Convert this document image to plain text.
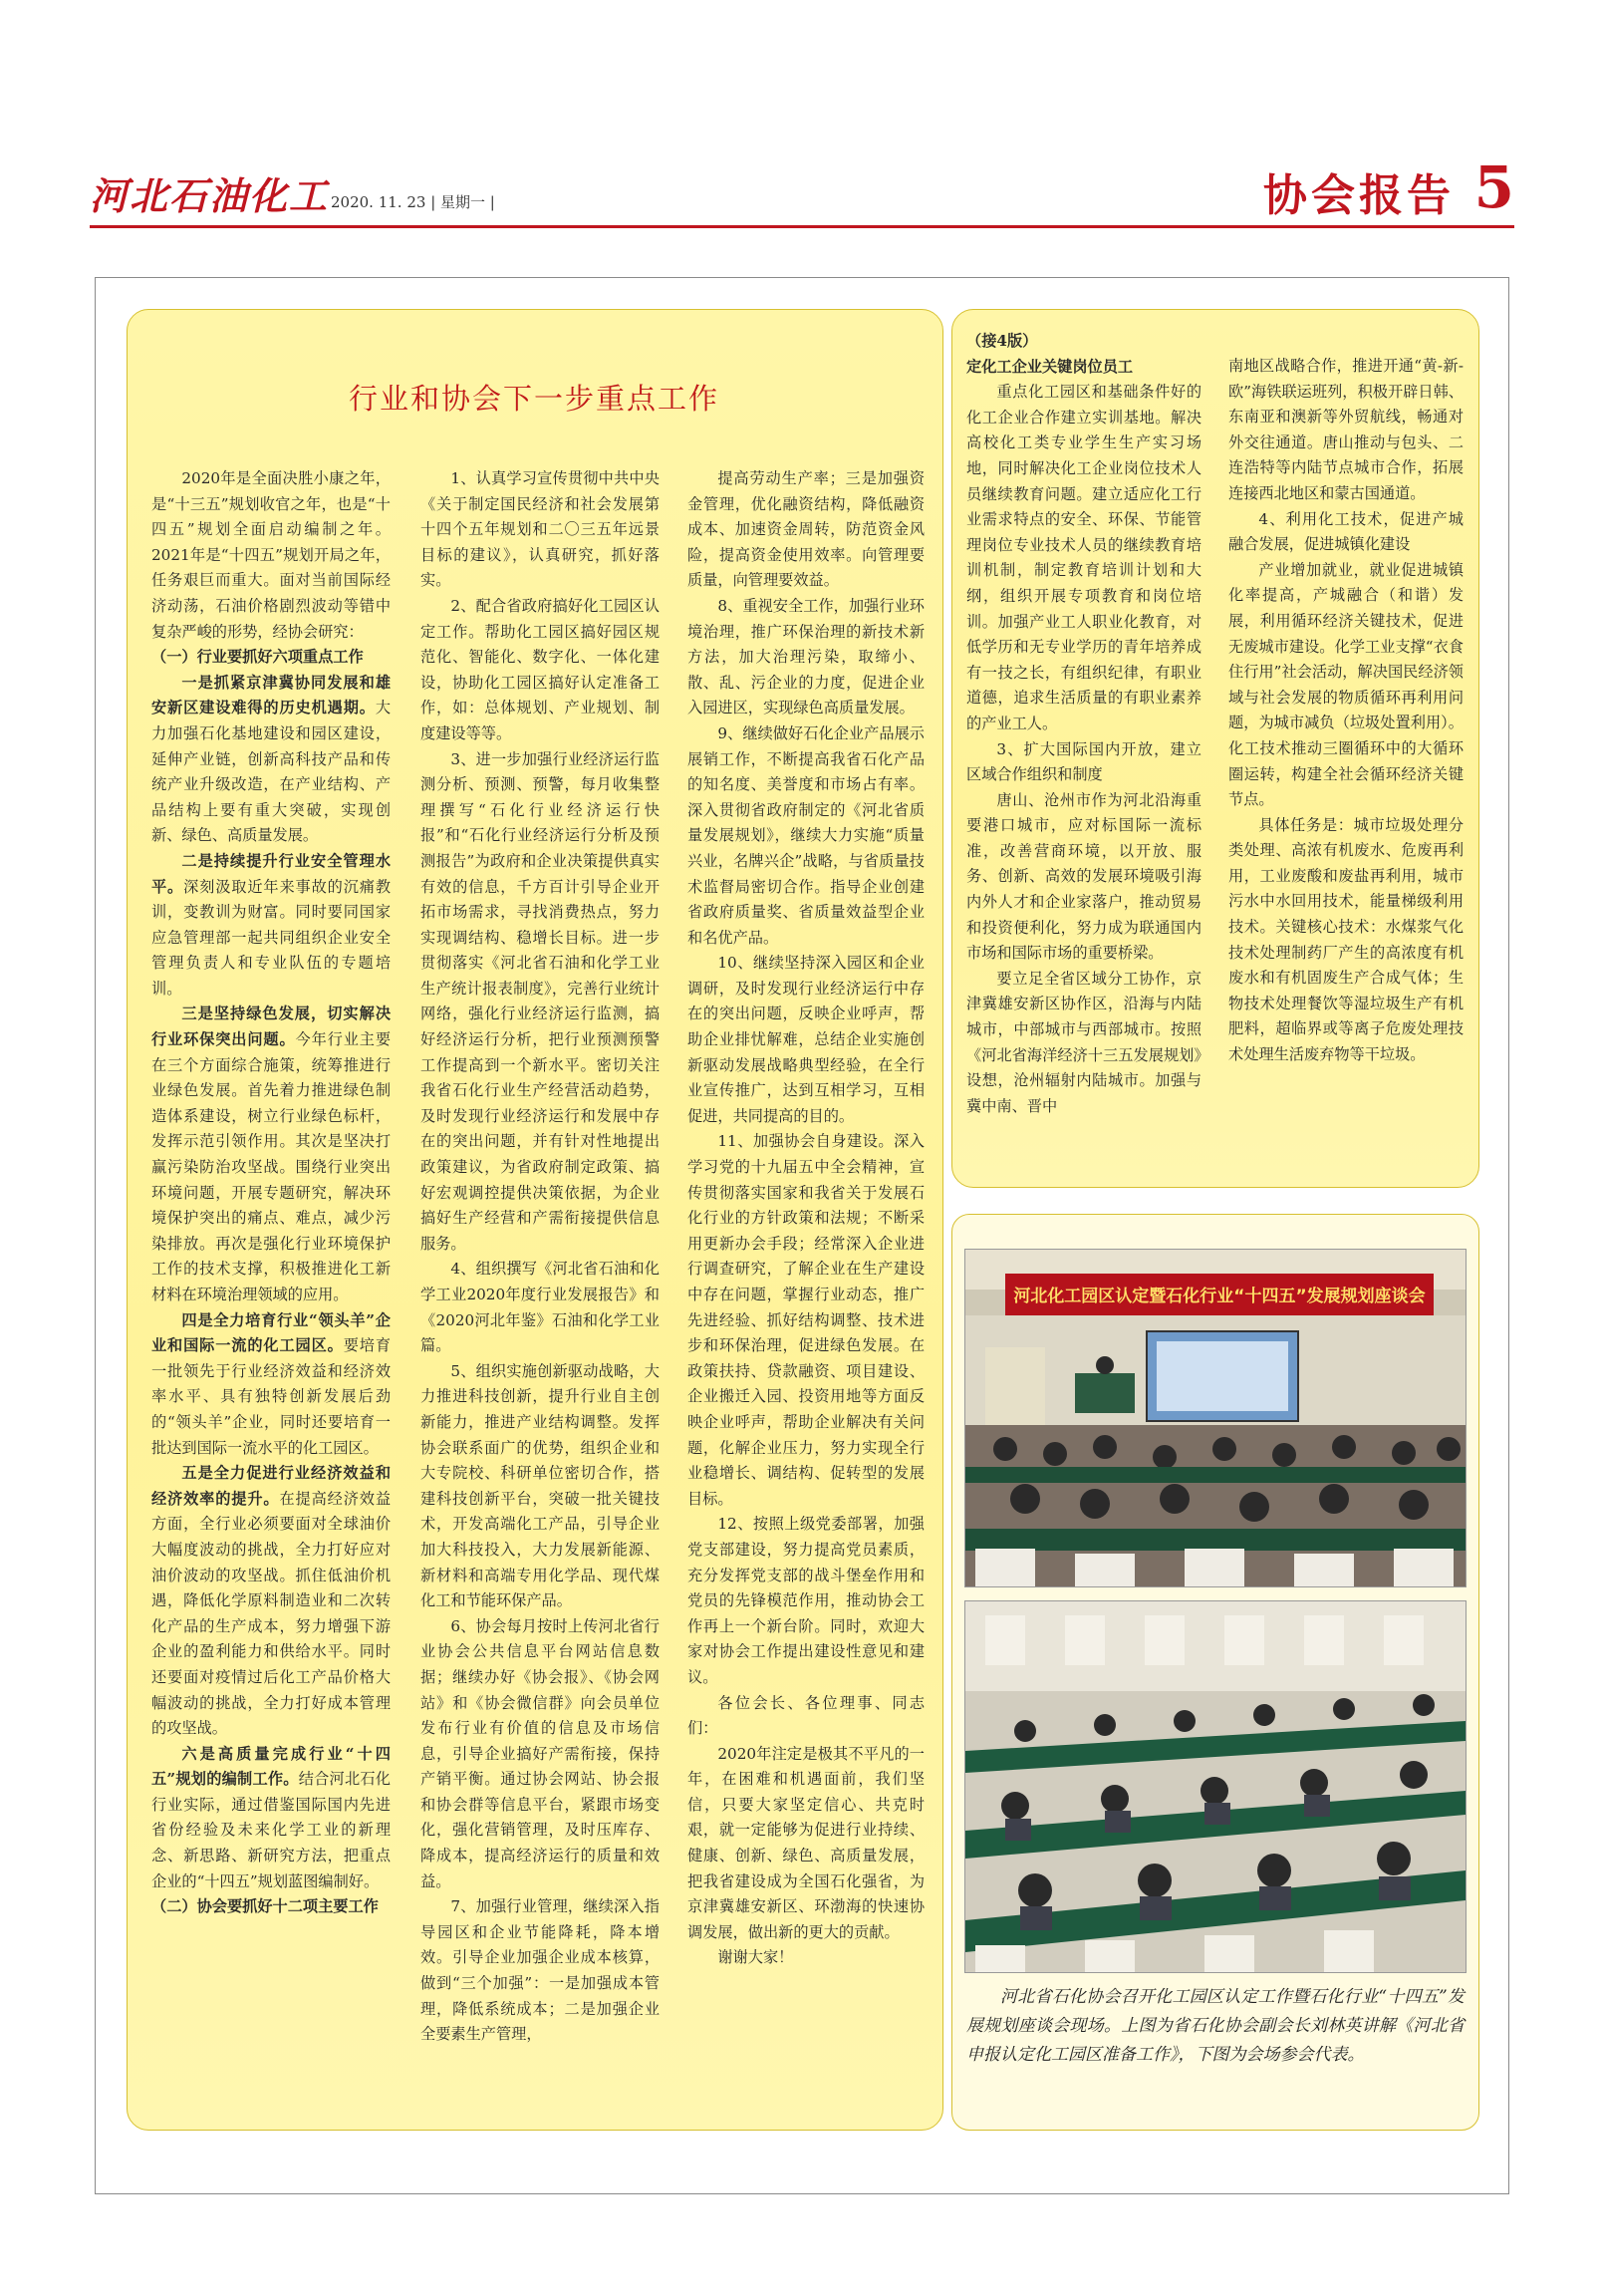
河北石油化工 2020. 11. 23 | 星期一 |	协会报告 5
行业和协会下一步重点工作

2020年是全面决胜小康之年，是“十三五”规划收官之年，也是“十四五”规划全面启动编制之年。2021年是“十四五”规划开局之年，任务艰巨而重大。面对当前国际经济动荡，石油价格剧烈波动等错中复杂严峻的形势，经协会研究：

（一）行业要抓好六项重点工作

一是抓紧京津冀协同发展和雄安新区建设难得的历史机遇期。大力加强石化基地建设和园区建设，延伸产业链，创新高科技产品和传统产业升级改造，在产业结构、产品结构上要有重大突破，实现创新、绿色、高质量发展。

二是持续提升行业安全管理水平。深刻汲取近年来事故的沉痛教训，变教训为财富。同时要同国家应急管理部一起共同组织企业安全管理负责人和专业队伍的专题培训。

三是坚持绿色发展，切实解决行业环保突出问题。今年行业主要在三个方面综合施策，统筹推进行业绿色发展。首先着力推进绿色制造体系建设，树立行业绿色标杆，发挥示范引领作用。其次是坚决打赢污染防治攻坚战。围绕行业突出环境问题，开展专题研究，解决环境保护突出的痛点、难点，减少污染排放。再次是强化行业环境保护工作的技术支撑，积极推进化工新材料在环境治理领域的应用。

四是全力培育行业“领头羊”企业和国际一流的化工园区。要培育一批领先于行业经济效益和经济效率水平、具有独特创新发展后劲的“领头羊”企业，同时还要培育一批达到国际一流水平的化工园区。

五是全力促进行业经济效益和经济效率的提升。在提高经济效益方面，全行业必须要面对全球油价大幅度波动的挑战，全力打好应对油价波动的攻坚战。抓住低油价机遇，降低化学原料制造业和二次转化产品的生产成本，努力增强下游企业的盈利能力和供给水平。同时还要面对疫情过后化工产品价格大幅波动的挑战，全力打好成本管理的攻坚战。

六是高质量完成行业“十四五”规划的编制工作。结合河北石化行业实际，通过借鉴国际国内先进省份经验及未来化学工业的新理念、新思路、新研究方法，把重点企业的“十四五”规划蓝图编制好。

（二）协会要抓好十二项主要工作

1、认真学习宣传贯彻中共中央《关于制定国民经济和社会发展第十四个五年规划和二〇三五年远景目标的建议》，认真研究，抓好落实。

2、配合省政府搞好化工园区认定工作。帮助化工园区搞好园区规范化、智能化、数字化、一体化建设，协助化工园区搞好认定准备工作，如：总体规划、产业规划、制度建设等等。

3、进一步加强行业经济运行监测分析、预测、预警，每月收集整理撰写“石化行业经济运行快报”和“石化行业经济运行分析及预测报告”为政府和企业决策提供真实有效的信息，千方百计引导企业开拓市场需求，寻找消费热点，努力实现调结构、稳增长目标。进一步贯彻落实《河北省石油和化学工业生产统计报表制度》，完善行业统计网络，强化行业经济运行监测，搞好经济运行分析，把行业预测预警工作提高到一个新水平。密切关注我省石化行业生产经营活动趋势，及时发现行业经济运行和发展中存在的突出问题，并有针对性地提出政策建议，为省政府制定政策、搞好宏观调控提供决策依据，为企业搞好生产经营和产需衔接提供信息服务。

4、组织撰写《河北省石油和化学工业2020年度行业发展报告》和《2020河北年鉴》石油和化学工业篇。

5、组织实施创新驱动战略，大力推进科技创新，提升行业自主创新能力，推进产业结构调整。发挥协会联系面广的优势，组织企业和大专院校、科研单位密切合作，搭建科技创新平台，突破一批关键技术，开发高端化工产品，引导企业加大科技投入，大力发展新能源、新材料和高端专用化学品、现代煤化工和节能环保产品。

6、协会每月按时上传河北省行业协会公共信息平台网站信息数据；继续办好《协会报》、《协会网站》和《协会微信群》向会员单位发布行业有价值的信息及市场信息，引导企业搞好产需衔接，保持产销平衡。通过协会网站、协会报和协会群等信息平台，紧跟市场变化，强化营销管理，及时压库存、降成本，提高经济运行的质量和效益。

7、加强行业管理，继续深入指导园区和企业节能降耗，降本增效。引导企业加强企业成本核算，做到“三个加强”：一是加强成本管理，降低系统成本；二是加强企业全要素生产管理，

提高劳动生产率；三是加强资金管理，优化融资结构，降低融资成本、加速资金周转，防范资金风险，提高资金使用效率。向管理要质量，向管理要效益。

8、重视安全工作，加强行业环境治理，推广环保治理的新技术新方法，加大治理污染，取缔小、散、乱、污企业的力度，促进企业入园进区，实现绿色高质量发展。

9、继续做好石化企业产品展示展销工作，不断提高我省石化产品的知名度、美誉度和市场占有率。深入贯彻省政府制定的《河北省质量发展规划》，继续大力实施“质量兴业，名牌兴企”战略，与省质量技术监督局密切合作。指导企业创建省政府质量奖、省质量效益型企业和名优产品。

10、继续坚持深入园区和企业调研，及时发现行业经济运行中存在的突出问题，反映企业呼声，帮助企业排忧解难，总结企业实施创新驱动发展战略典型经验，在全行业宣传推广，达到互相学习，互相促进，共同提高的目的。

11、加强协会自身建设。深入学习党的十九届五中全会精神，宣传贯彻落实国家和我省关于发展石化行业的方针政策和法规；不断采用更新办会手段；经常深入企业进行调查研究，了解企业在生产建设中存在问题，掌握行业动态，推广先进经验、抓好结构调整、技术进步和环保治理，促进绿色发展。在政策扶持、贷款融资、项目建设、企业搬迁入园、投资用地等方面反映企业呼声，帮助企业解决有关问题，化解企业压力，努力实现全行业稳增长、调结构、促转型的发展目标。

12、按照上级党委部署，加强党支部建设，努力提高党员素质，充分发挥党支部的战斗堡垒作用和党员的先锋模范作用，推动协会工作再上一个新台阶。同时，欢迎大家对协会工作提出建设性意见和建议。

各位会长、各位理事、同志们：

2020年注定是极其不平凡的一年，在困难和机遇面前，我们坚信，只要大家坚定信心、共克时艰，就一定能够为促进行业持续、健康、创新、绿色、高质量发展，把我省建设成为全国石化强省，为京津冀雄安新区、环渤海的快速协调发展，做出新的更大的贡献。

谢谢大家！

（接4版）

定化工企业关键岗位员工

重点化工园区和基础条件好的化工企业合作建立实训基地。解决高校化工类专业学生生产实习场地，同时解决化工企业岗位技术人员继续教育问题。建立适应化工行业需求特点的安全、环保、节能管理岗位专业技术人员的继续教育培训机制，制定教育培训计划和大纲，组织开展专项教育和岗位培训。加强产业工人职业化教育，对低学历和无专业学历的青年培养成有一技之长，有组织纪律，有职业道德，追求生活质量的有职业素养的产业工人。

3、扩大国际国内开放，建立区域合作组织和制度

唐山、沧州市作为河北沿海重要港口城市，应对标国际一流标准，改善营商环境，以开放、服务、创新、高效的发展环境吸引海内外人才和企业家落户，推动贸易和投资便利化，努力成为联通国内市场和国际市场的重要桥梁。

要立足全省区域分工协作，京津冀雄安新区协作区，沿海与内陆城市，中部城市与西部城市。按照《河北省海洋经济十三五发展规划》设想，沧州辐射内陆城市。加强与冀中南、晋中

南地区战略合作，推进开通“黄-新-欧”海铁联运班列，积极开辟日韩、东南亚和澳新等外贸航线，畅通对外交往通道。唐山推动与包头、二连浩特等内陆节点城市合作，拓展连接西北地区和蒙古国通道。

4、利用化工技术，促进产城融合发展，促进城镇化建设

产业增加就业，就业促进城镇化率提高，产城融合（和谐）发展，利用循环经济关键技术，促进无废城市建设。化学工业支撑“衣食住行用”社会活动，解决国民经济领域与社会发展的物质循环再利用问题，为城市减负（垃圾处置利用）。化工技术推动三圈循环中的大循环圈运转，构建全社会循环经济关键节点。

具体任务是：城市垃圾处理分类处理、高浓有机废水、危废再利用，工业废酸和废盐再利用，城市污水中水回用技术，能量梯级利用技术。关键核心技术：水煤浆气化技术处理制药厂产生的高浓度有机废水和有机固废生产合成气体；生物技术处理餐饮等湿垃圾生产有机肥料，超临界或等离子危废处理技术处理生活废弃物等干垃圾。

河北化工园区认定暨石化行业“十四五”发展规划座谈会
河北省石化协会召开化工园区认定工作暨石化行业“十四五”发展规划座谈会现场。上图为省石化协会副会长刘林英讲解《河北省申报认定化工园区准备工作》，下图为会场参会代表。
